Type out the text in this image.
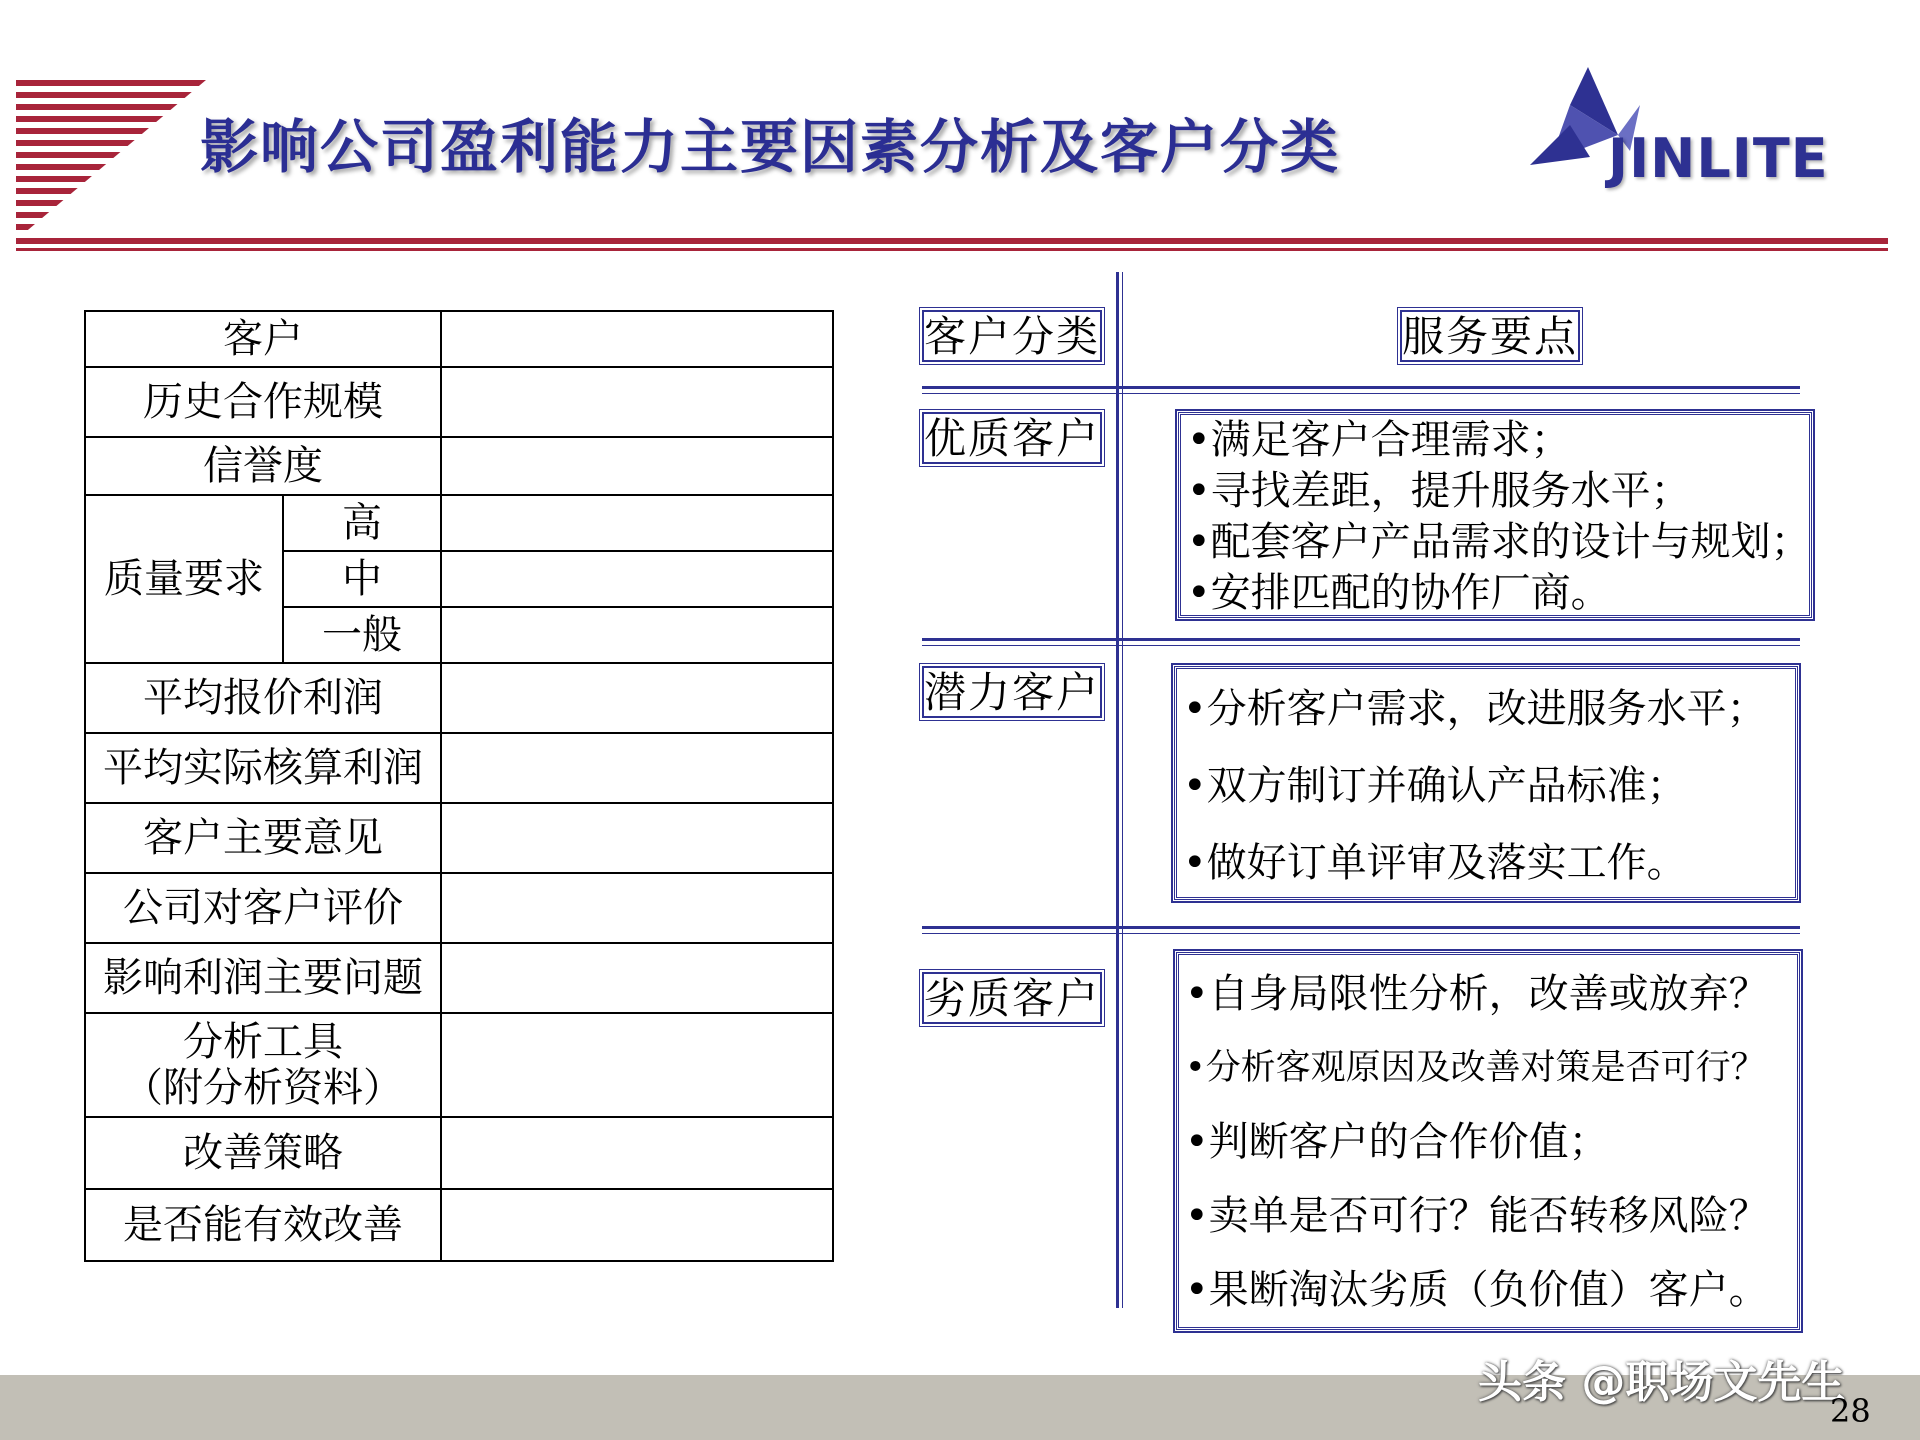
影响公司盈利能力主要因素分析及客户分类	JINLITE
客户		
历史合作规模		
信誉度		
质量要求	高	
	中	
	一般	
平均报价利润		
平均实际核算利润		
客户主要意见		
公司对客户评价		
影响利润主要问题		

分析工具
（附分析资料）		

改善策略		
是否能有效改善		
客户分类	服务要点
优质客户	• 满足客户合理需求；
• 寻找差距，提升服务水平；
• 配套客户产品需求的设计与规划；
• 安排匹配的协作厂商。
潜力客户	• 分析客户需求，改进服务水平；
• 双方制订并确认产品标准；
• 做好订单评审及落实工作。
劣质客户	• 自身局限性分析，改善或放弃？
• 分析客观原因及改善对策是否可行？
• 判断客户的合作价值；
• 卖单是否可行？能否转移风险？
• 果断淘汰劣质（负价值）客户。
头条 @职场文先生
28
